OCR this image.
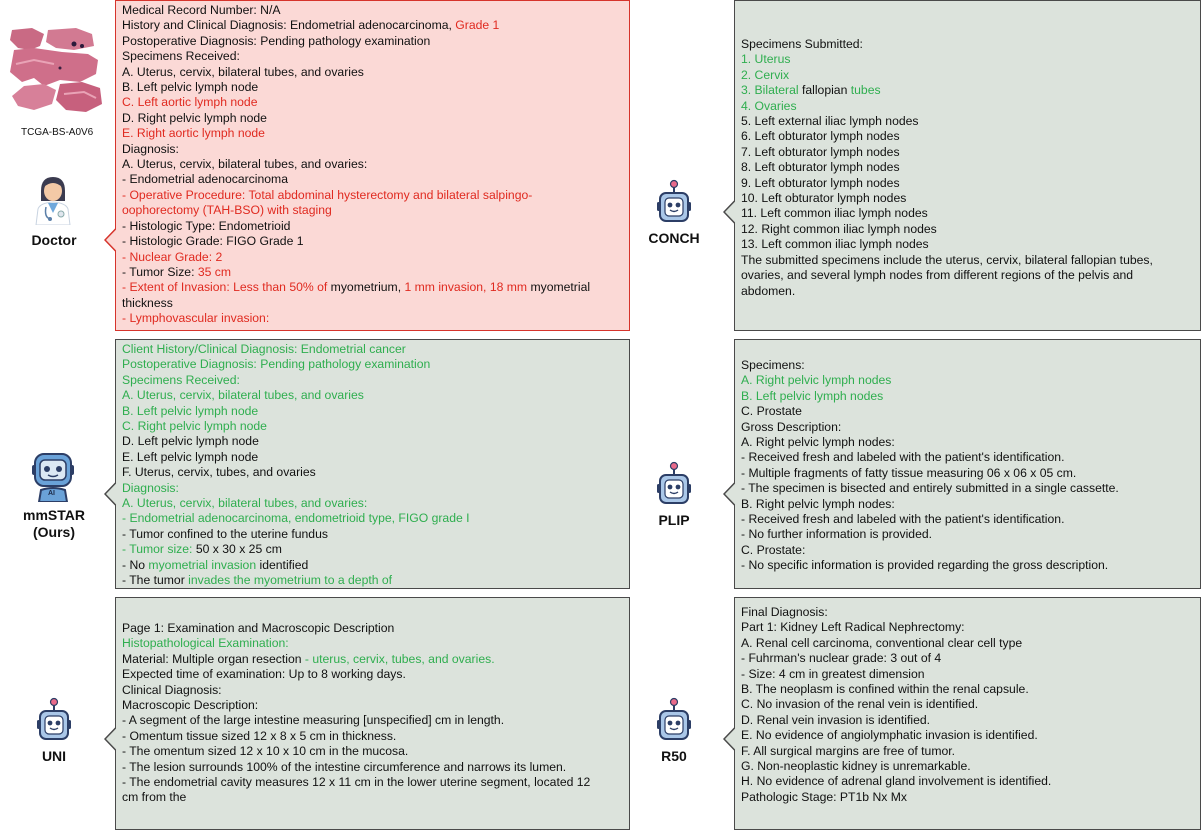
TCGA-BS-A0V6
Doctor
AI
mmSTAR
(Ours)
UNI
CONCH
PLIP
R50
Medical Record Number: N/A
History and Clinical Diagnosis: Endometrial adenocarcinoma, Grade 1
Postoperative Diagnosis: Pending pathology examination
Specimens Received:
A. Uterus, cervix, bilateral tubes, and ovaries
B. Left pelvic lymph node
C. Left aortic lymph node
D. Right pelvic lymph node
E. Right aortic lymph node
Diagnosis:
A. Uterus, cervix, bilateral tubes, and ovaries:
- Endometrial adenocarcinoma
- Operative Procedure: Total abdominal hysterectomy and bilateral salpingo-
oophorectomy (TAH-BSO) with staging
- Histologic Type: Endometrioid
- Histologic Grade: FIGO Grade 1
- Nuclear Grade: 2
- Tumor Size: 35 cm
- Extent of Invasion: Less than 50% of myometrium, 1 mm invasion, 18 mm myometrial
thickness
- Lymphovascular invasion:
Client History/Clinical Diagnosis: Endometrial cancer
Postoperative Diagnosis: Pending pathology examination
Specimens Received:
A. Uterus, cervix, bilateral tubes, and ovaries
B. Left pelvic lymph node
C. Right pelvic lymph node
D. Left pelvic lymph node
E. Left pelvic lymph node
F. Uterus, cervix, tubes, and ovaries
Diagnosis:
A. Uterus, cervix, bilateral tubes, and ovaries:
- Endometrial adenocarcinoma, endometrioid type, FIGO grade I
- Tumor confined to the uterine fundus
- Tumor size: 50 x 30 x 25 cm
- No myometrial invasion identified
- The tumor invades the myometrium to a depth of
Page 1: Examination and Macroscopic Description
Histopathological Examination:
Material: Multiple organ resection - uterus, cervix, tubes, and ovaries.
Expected time of examination: Up to 8 working days.
Clinical Diagnosis:
Macroscopic Description:
- A segment of the large intestine measuring [unspecified] cm in length.
- Omentum tissue sized 12 x 8 x 5 cm in thickness.
- The omentum sized 12 x 10 x 10 cm in the mucosa.
- The lesion surrounds 100% of the intestine circumference and narrows its lumen.
- The endometrial cavity measures 12 x 11 cm in the lower uterine segment, located 12
cm from the
Specimens Submitted:
1. Uterus
2. Cervix
3. Bilateral fallopian tubes
4. Ovaries
5. Left external iliac lymph nodes
6. Left obturator lymph nodes
7. Left obturator lymph nodes
8. Left obturator lymph nodes
9. Left obturator lymph nodes
10. Left obturator lymph nodes
11. Left common iliac lymph nodes
12. Right common iliac lymph nodes
13. Left common iliac lymph nodes
The submitted specimens include the uterus, cervix, bilateral fallopian tubes,
ovaries, and several lymph nodes from different regions of the pelvis and
abdomen.
Specimens:
A. Right pelvic lymph nodes
B. Left pelvic lymph nodes
C. Prostate
Gross Description:
A. Right pelvic lymph nodes:
- Received fresh and labeled with the patient's identification.
- Multiple fragments of fatty tissue measuring 06 x 06 x 05 cm.
- The specimen is bisected and entirely submitted in a single cassette.
B. Right pelvic lymph nodes:
- Received fresh and labeled with the patient's identification.
- No further information is provided.
C. Prostate:
- No specific information is provided regarding the gross description.
Final Diagnosis:
Part 1: Kidney Left Radical Nephrectomy:
A. Renal cell carcinoma, conventional clear cell type
- Fuhrman's nuclear grade: 3 out of 4
- Size: 4 cm in greatest dimension
B. The neoplasm is confined within the renal capsule.
C. No invasion of the renal vein is identified.
D. Renal vein invasion is identified.
E. No evidence of angiolymphatic invasion is identified.
F. All surgical margins are free of tumor.
G. Non-neoplastic kidney is unremarkable.
H. No evidence of adrenal gland involvement is identified.
Pathologic Stage: PT1b Nx Mx
